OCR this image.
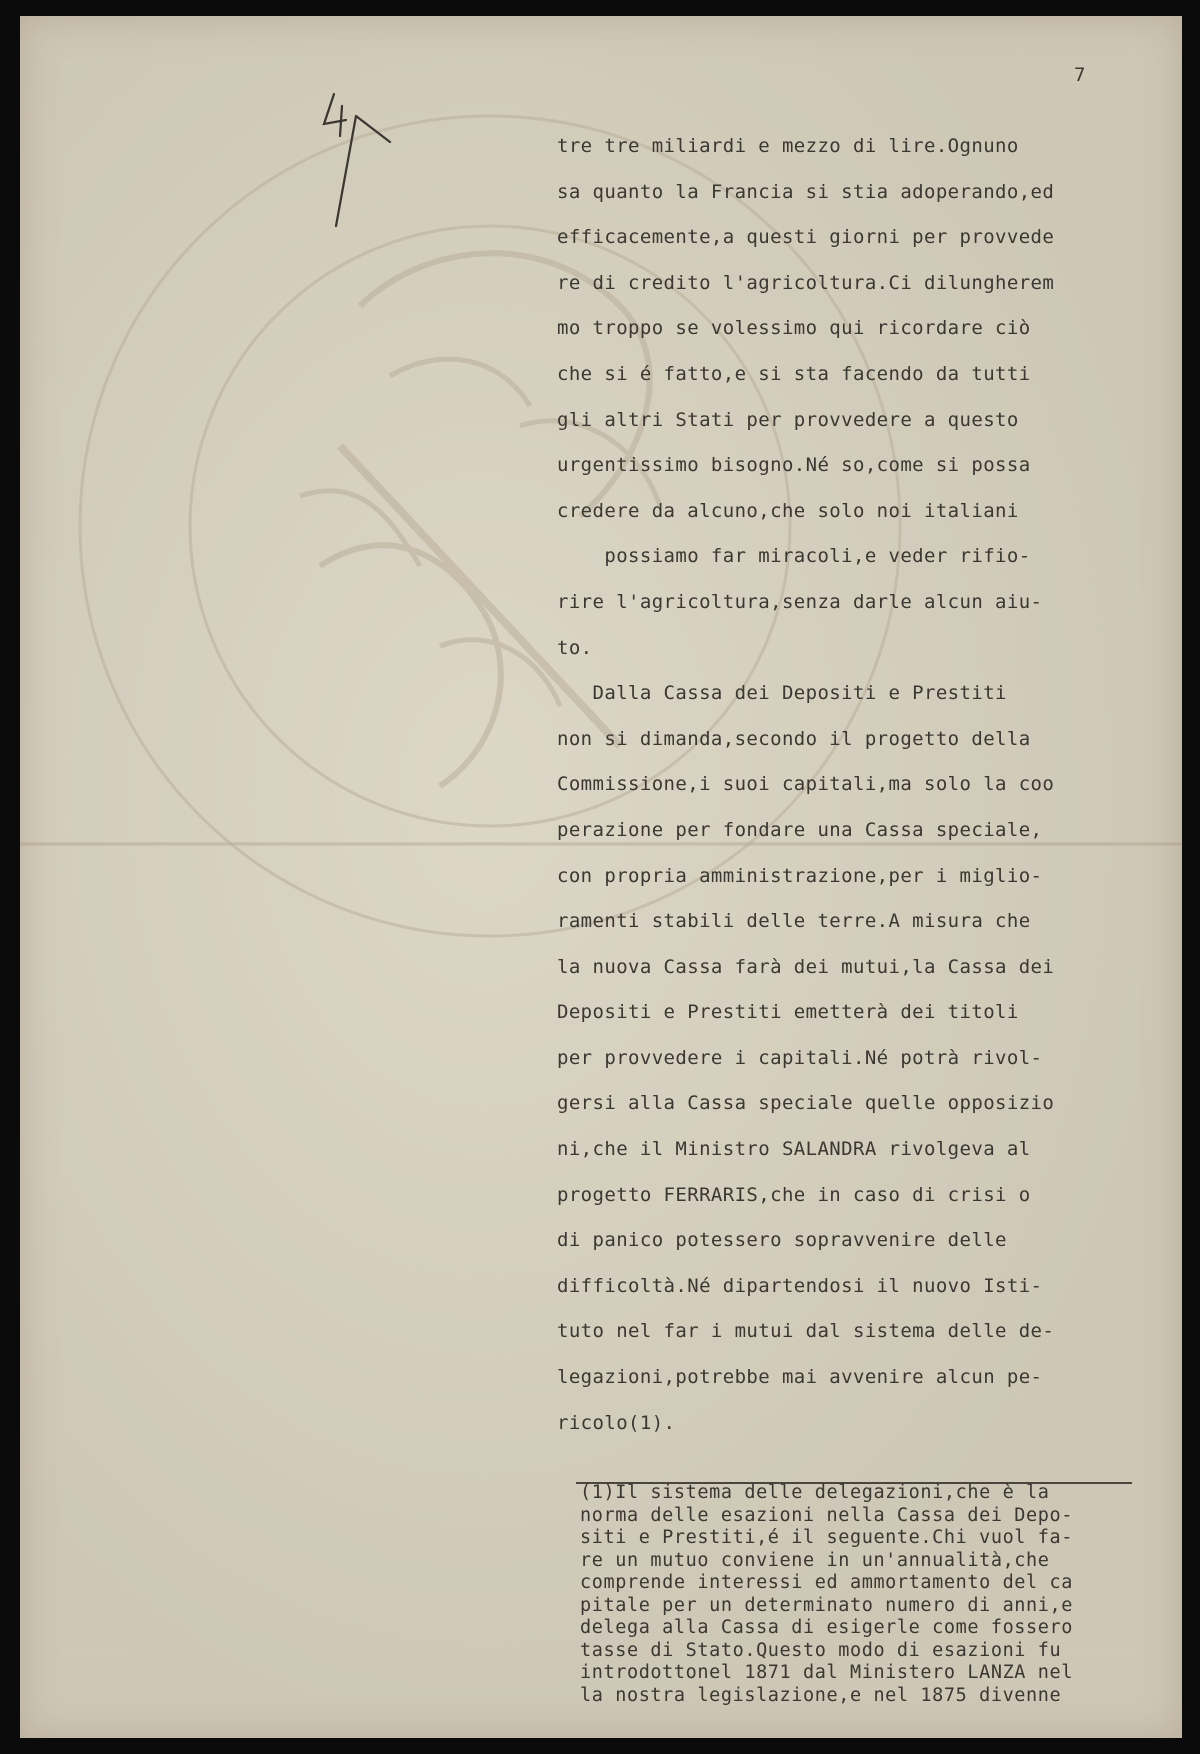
7
tre tre miliardi e mezzo di lire.Ognuno
sa quanto la Francia si stia adoperando,ed
efficacemente,a questi giorni per provvede
re di credito l'agricoltura.Ci dilungherem
mo troppo se volessimo qui ricordare ciò
che si é fatto,e si sta facendo da tutti
gli altri Stati per provvedere a questo
urgentissimo bisogno.Né so,come si possa
credere da alcuno,che solo noi italiani
possiamo far miracoli,e veder rifio-
rire l'agricoltura,senza darle alcun aiu-
to.
Dalla Cassa dei Depositi e Prestiti
non si dimanda,secondo il progetto della
Commissione,i suoi capitali,ma solo la coo
perazione per fondare una Cassa speciale,
con propria amministrazione,per i miglio-
ramenti stabili delle terre.A misura che
la nuova Cassa farà dei mutui,la Cassa dei
Depositi e Prestiti emetterà dei titoli
per provvedere i capitali.Né potrà rivol-
gersi alla Cassa speciale quelle opposizio
ni,che il Ministro SALANDRA rivolgeva al
progetto FERRARIS,che in caso di crisi o
di panico potessero sopravvenire delle
difficoltà.Né dipartendosi il nuovo Isti-
tuto nel far i mutui dal sistema delle de-
legazioni,potrebbe mai avvenire alcun pe-
ricolo(1).
(1)Il sistema delle delegazioni,che è la
norma delle esazioni nella Cassa dei Depo-
siti e Prestiti,é il seguente.Chi vuol fa-
re un mutuo conviene in un'annualità,che
comprende interessi ed ammortamento del ca
pitale per un determinato numero di anni,e
delega alla Cassa di esigerle come fossero
tasse di Stato.Questo modo di esazioni fu
introdottonel 1871 dal Ministero LANZA nel
la nostra legislazione,e nel 1875 divenne
